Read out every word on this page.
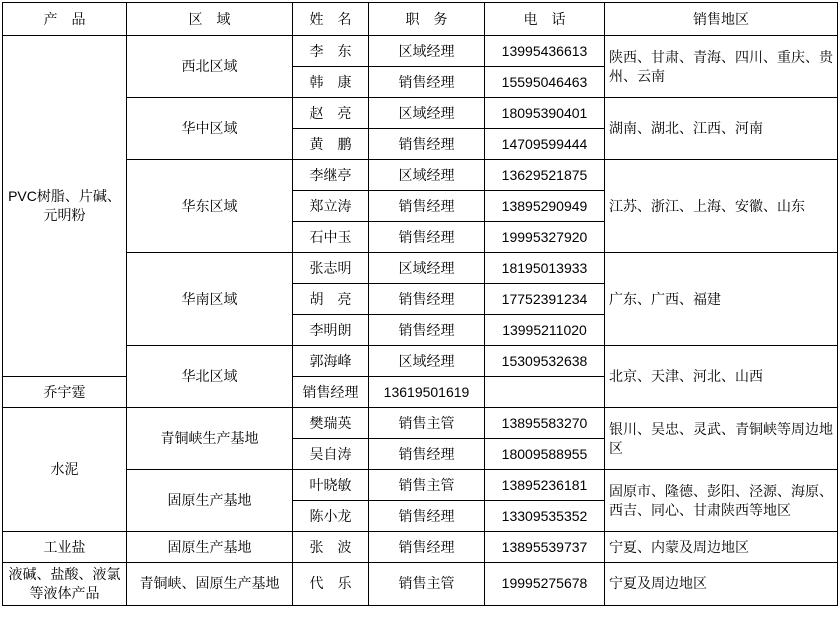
产　品	区　域	姓　名	职　务	电　话	销售地区
PVC树脂、片碱、元明粉	西北区域	李　东	区域经理	13995436613	陕西、甘肃、青海、四川、重庆、贵州、云南
		韩　康	销售经理	15595046463	
	华中区域	赵　亮	区域经理	18095390401	湖南、湖北、江西、河南
		黄　鹏	销售经理	14709599444	
	华东区域	李继亭	区域经理	13629521875	江苏、浙江、上海、安徽、山东
		郑立涛	销售经理	13895290949	
		石中玉	销售经理	19995327920	
	华南区域	张志明	区域经理	18195013933	广东、广西、福建
		胡　亮	销售经理	17752391234	
		李明朗	销售经理	13995211020	
	华北区域	郭海峰	区域经理	15309532638	北京、天津、河北、山西
乔宇霆		销售经理	13619501619		
水泥	青铜峡生产基地	樊瑞英	销售主管	13895583270	银川、吴忠、灵武、青铜峡等周边地区
		吴自涛	销售经理	18009588955	
	固原生产基地	叶晓敏	销售主管	13895236181	固原市、隆德、彭阳、泾源、海原、西吉、同心、甘肃陕西等地区
		陈小龙	销售经理	13309535352	
工业盐	固原生产基地	张　波	销售经理	13895539737	宁夏、内蒙及周边地区
液碱、盐酸、液氯等液体产品	青铜峡、固原生产基地	代　乐	销售主管	19995275678	宁夏及周边地区
